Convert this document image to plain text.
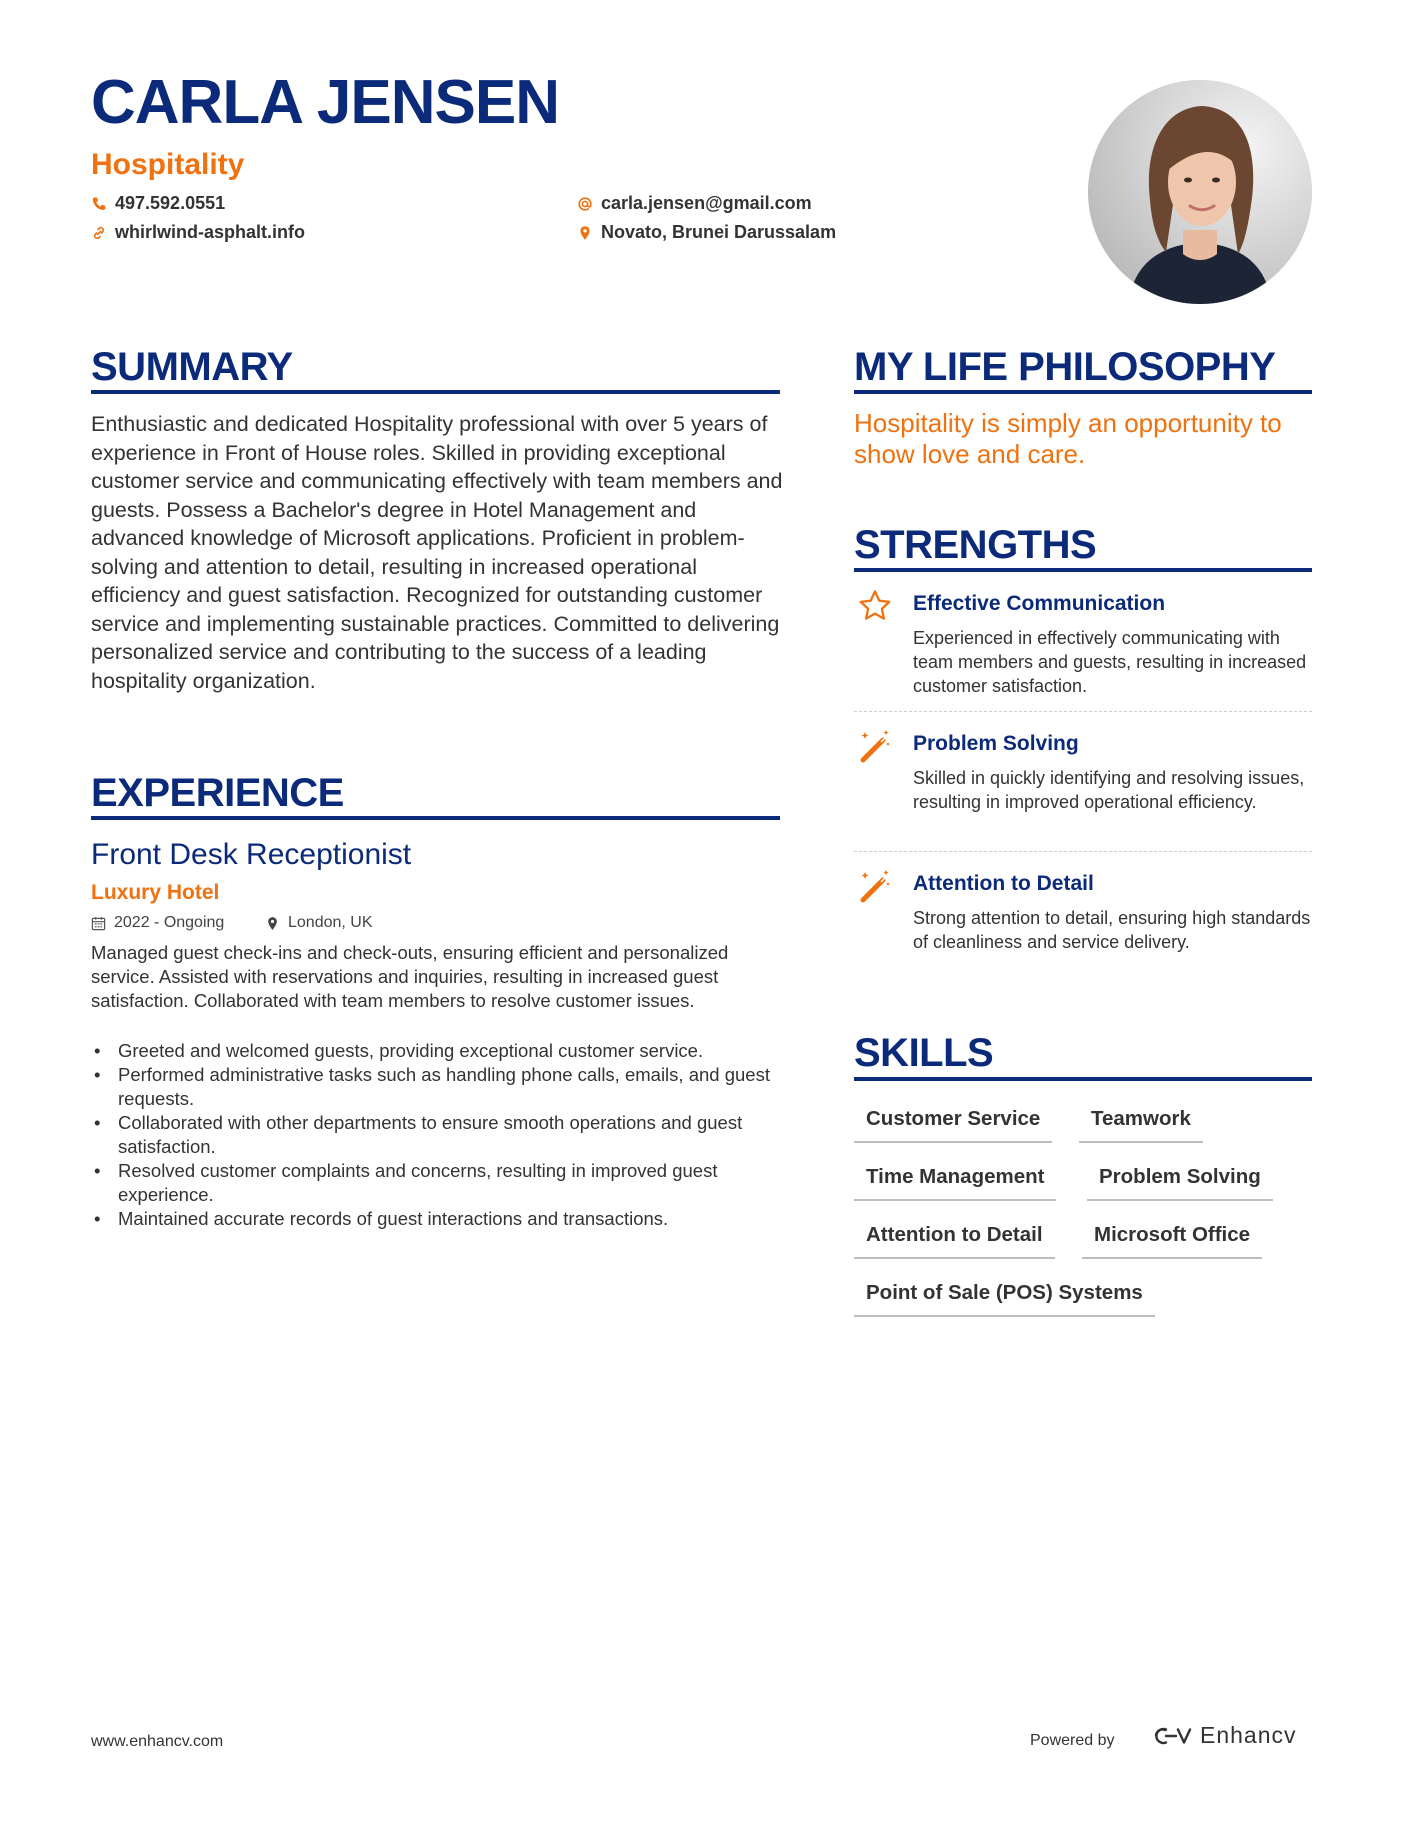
CARLA JENSEN
Hospitality
497.592.0551
whirlwind-asphalt.info
carla.jensen@gmail.com
Novato, Brunei Darussalam
SUMMARY

Enthusiastic and dedicated Hospitality professional with over 5 years of experience in Front of House roles. Skilled in providing exceptional customer service and communicating effectively with team members and guests. Possess a Bachelor's degree in Hotel Management and advanced knowledge of Microsoft applications. Proficient in problem-solving and attention to detail, resulting in increased operational efficiency and guest satisfaction. Recognized for outstanding customer service and implementing sustainable practices. Committed to delivering personalized service and contributing to the success of a leading hospitality organization.

EXPERIENCE
Front Desk Receptionist
Luxury Hotel
2022 - Ongoing	London, UK

Managed guest check-ins and check-outs, ensuring efficient and personalized service. Assisted with reservations and inquiries, resulting in increased guest satisfaction. Collaborated with team members to resolve customer issues.

• Greeted and welcomed guests, providing exceptional customer service.
• Performed administrative tasks such as handling phone calls, emails, and guest requests.
• Collaborated with other departments to ensure smooth operations and guest satisfaction.
• Resolved customer complaints and concerns, resulting in improved guest experience.
• Maintained accurate records of guest interactions and transactions.
MY LIFE PHILOSOPHY

Hospitality is simply an opportunity to show love and care.

STRENGTHS
Effective Communication

Experienced in effectively communicating with team members and guests, resulting in increased customer satisfaction.

Problem Solving

Skilled in quickly identifying and resolving issues, resulting in improved operational efficiency.

Attention to Detail

Strong attention to detail, ensuring high standards of cleanliness and service delivery.

SKILLS
Customer Service	Teamwork
Time Management	Problem Solving
Attention to Detail	Microsoft Office
Point of Sale (POS) Systems
www.enhancv.com	Powered by	Enhancv
